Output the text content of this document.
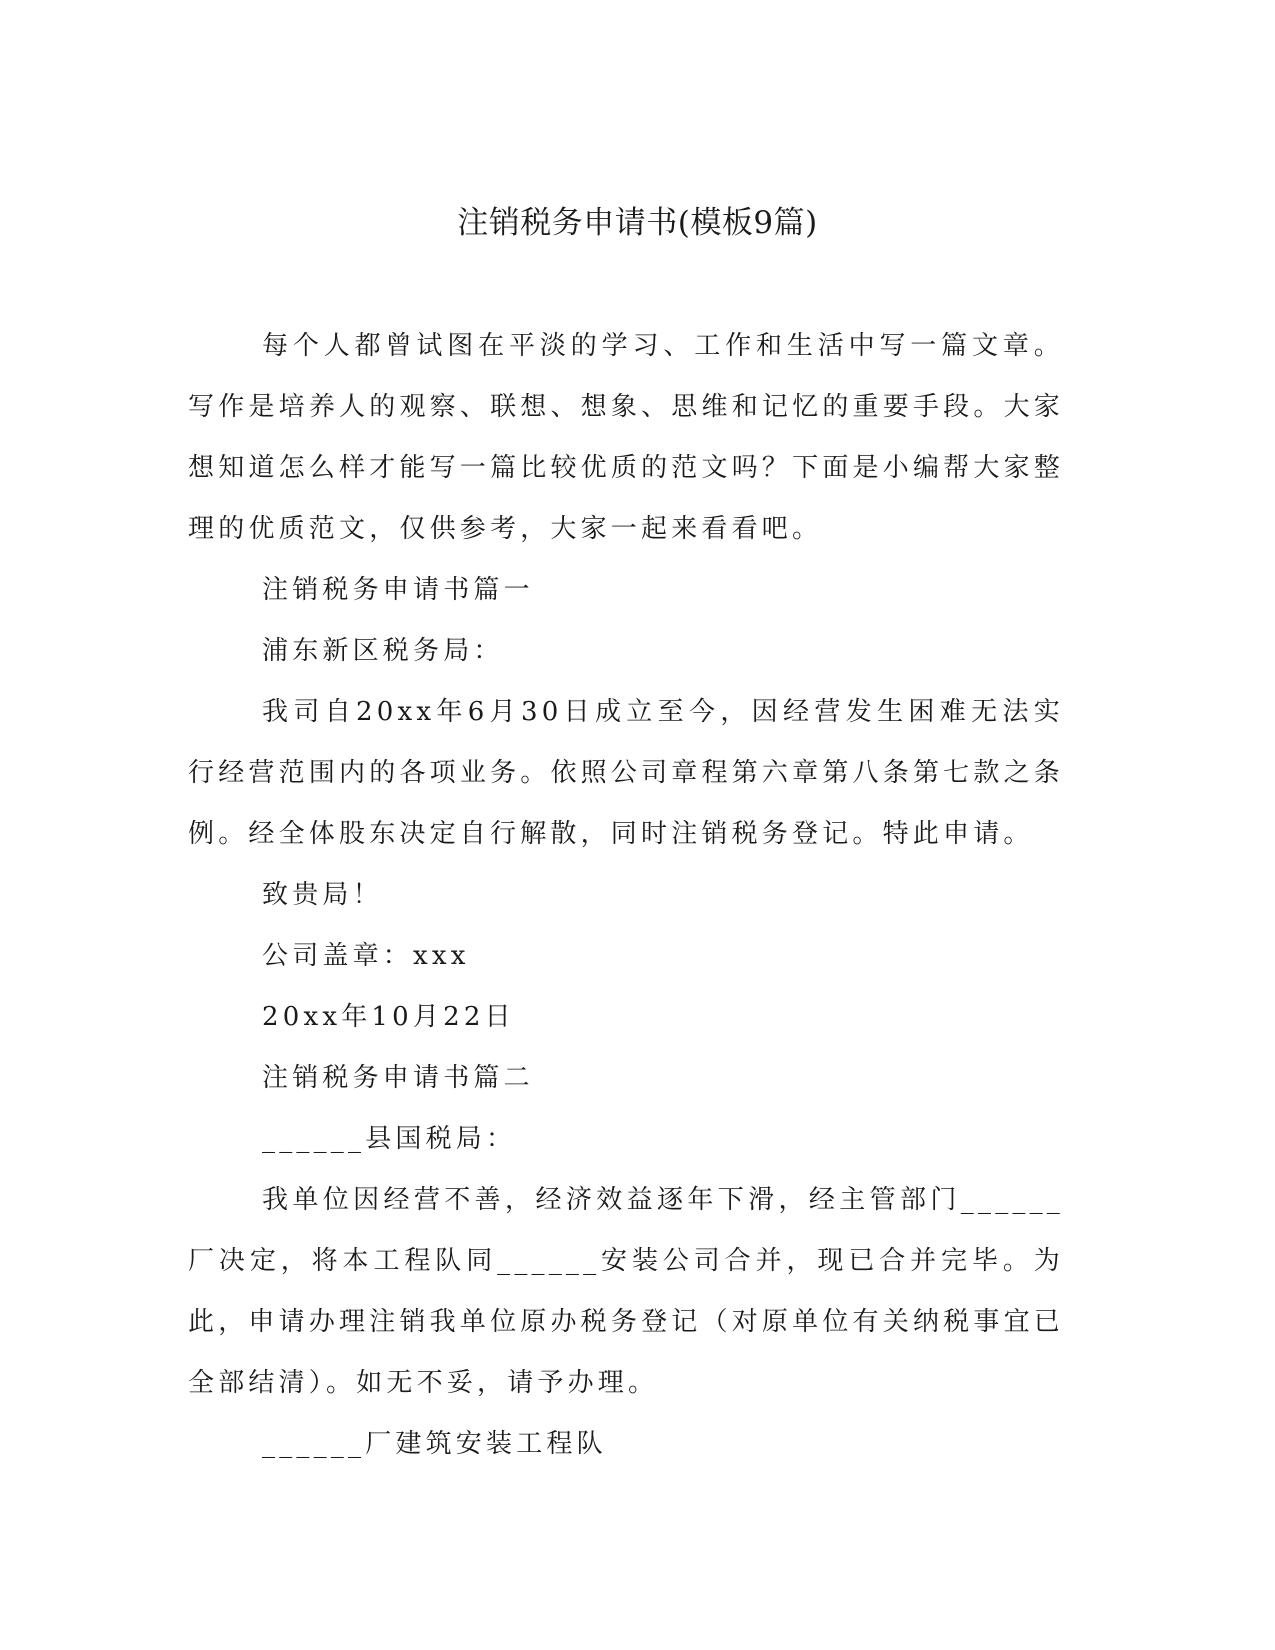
注销税务申请书(模板9篇)

每个人都曾试图在平淡的学习、工作和生活中写一篇文章。写作是培养人的观察、联想、想象、思维和记忆的重要手段。大家想知道怎么样才能写一篇比较优质的范文吗？下面是小编帮大家整理的优质范文，仅供参考，大家一起来看看吧。

注销税务申请书篇一

浦东新区税务局：

我司自20xx年6月30日成立至今，因经营发生困难无法实行经营范围内的各项业务。依照公司章程第六章第八条第七款之条例。经全体股东决定自行解散，同时注销税务登记。特此申请。

致贵局！

公司盖章：xxx

20xx年10月22日

注销税务申请书篇二

______县国税局：

我单位因经营不善，经济效益逐年下滑，经主管部门______厂决定，将本工程队同______安装公司合并，现已合并完毕。为此，申请办理注销我单位原办税务登记（对原单位有关纳税事宜已全部结清）。如无不妥，请予办理。

______厂建筑安装工程队
